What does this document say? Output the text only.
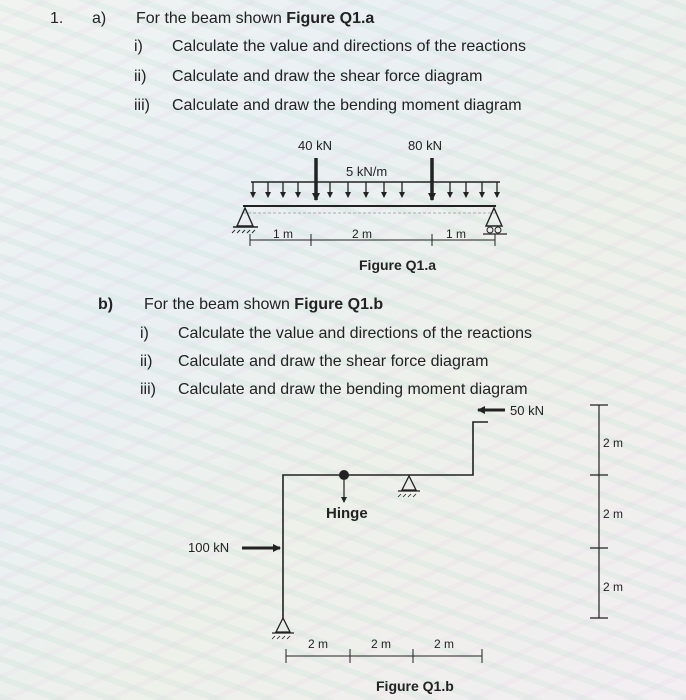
1. a) For the beam shown Figure Q1.a
i) Calculate the value and directions of the reactions
ii) Calculate and draw the shear force diagram
iii) Calculate and draw the bending moment diagram
b) For the beam shown Figure Q1.b
i) Calculate the value and directions of the reactions
ii) Calculate and draw the shear force diagram
iii) Calculate and draw the bending moment diagram
40 kN	80 kN
5 kN/m
1 m	2 m	1 m
Figure Q1.a
50 kN
100 kN
Hinge
2 m	2 m	2 m
2 m
2 m
2 m
Figure Q1.b
